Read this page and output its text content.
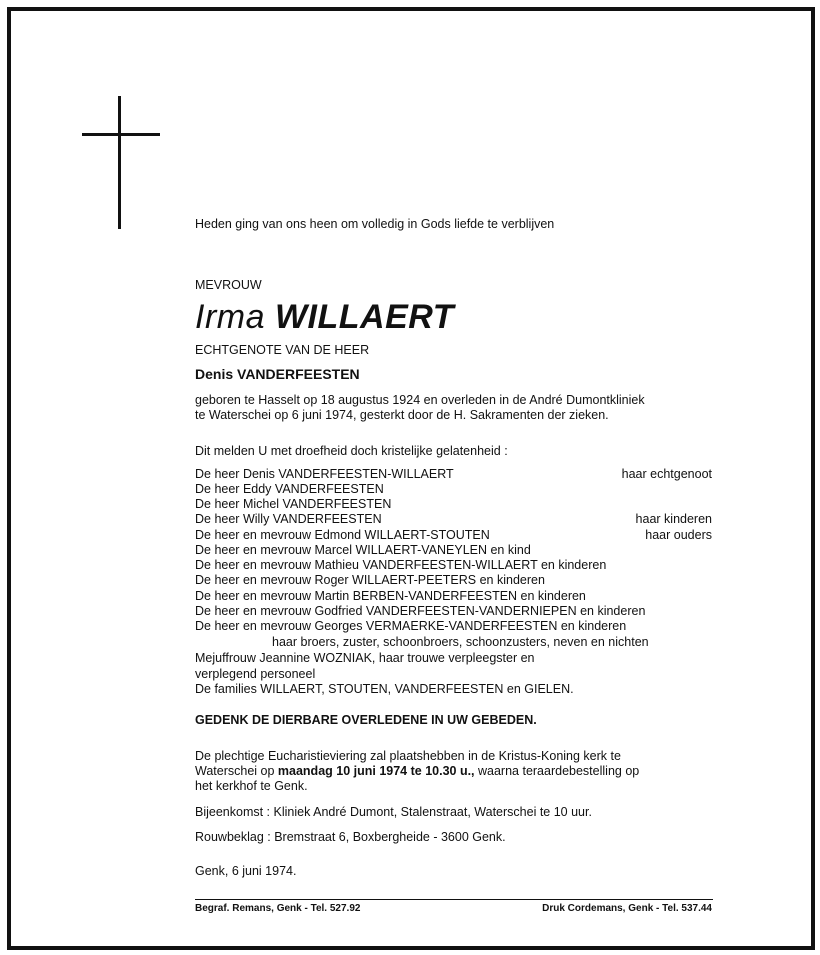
Heden ging van ons heen om volledig in Gods liefde te verblijven
MEVROUW
Irma WILLAERT
ECHTGENOTE VAN DE HEER
Denis VANDERFEESTEN
geboren te Hasselt op 18 augustus 1924 en overleden in de André Dumontkliniek
te Waterschei op 6 juni 1974, gesterkt door de H. Sakramenten der zieken.
Dit melden U met droefheid doch kristelijke gelatenheid :
De heer Denis VANDERFEESTEN-WILLAERT
De heer Eddy VANDERFEESTEN
De heer Michel VANDERFEESTEN
De heer Willy VANDERFEESTEN
De heer en mevrouw Edmond WILLAERT-STOUTEN
De heer en mevrouw Marcel WILLAERT-VANEYLEN en kind
De heer en mevrouw Mathieu VANDERFEESTEN-WILLAERT en kinderen
De heer en mevrouw Roger WILLAERT-PEETERS en kinderen
De heer en mevrouw Martin BERBEN-VANDERFEESTEN en kinderen
De heer en mevrouw Godfried VANDERFEESTEN-VANDERNIEPEN en kinderen
De heer en mevrouw Georges VERMAERKE-VANDERFEESTEN en kinderen
haar echtgenoot
haar kinderen
haar ouders
haar broers, zuster, schoonbroers, schoonzusters, neven en nichten
Mejuffrouw Jeannine WOZNIAK, haar trouwe verpleegster en
verplegend personeel
De families WILLAERT, STOUTEN, VANDERFEESTEN en GIELEN.
GEDENK DE DIERBARE OVERLEDENE IN UW GEBEDEN.
De plechtige Eucharistieviering zal plaatshebben in de Kristus-Koning kerk te
Waterschei op maandag 10 juni 1974 te 10.30 u., waarna teraardebestelling op
het kerkhof te Genk.
Bijeenkomst : Kliniek André Dumont, Stalenstraat, Waterschei te 10 uur.
Rouwbeklag : Bremstraat 6, Boxbergheide - 3600 Genk.
Genk, 6 juni 1974.
Begraf. Remans, Genk - Tel. 527.92	Druk Cordemans, Genk - Tel. 537.44
